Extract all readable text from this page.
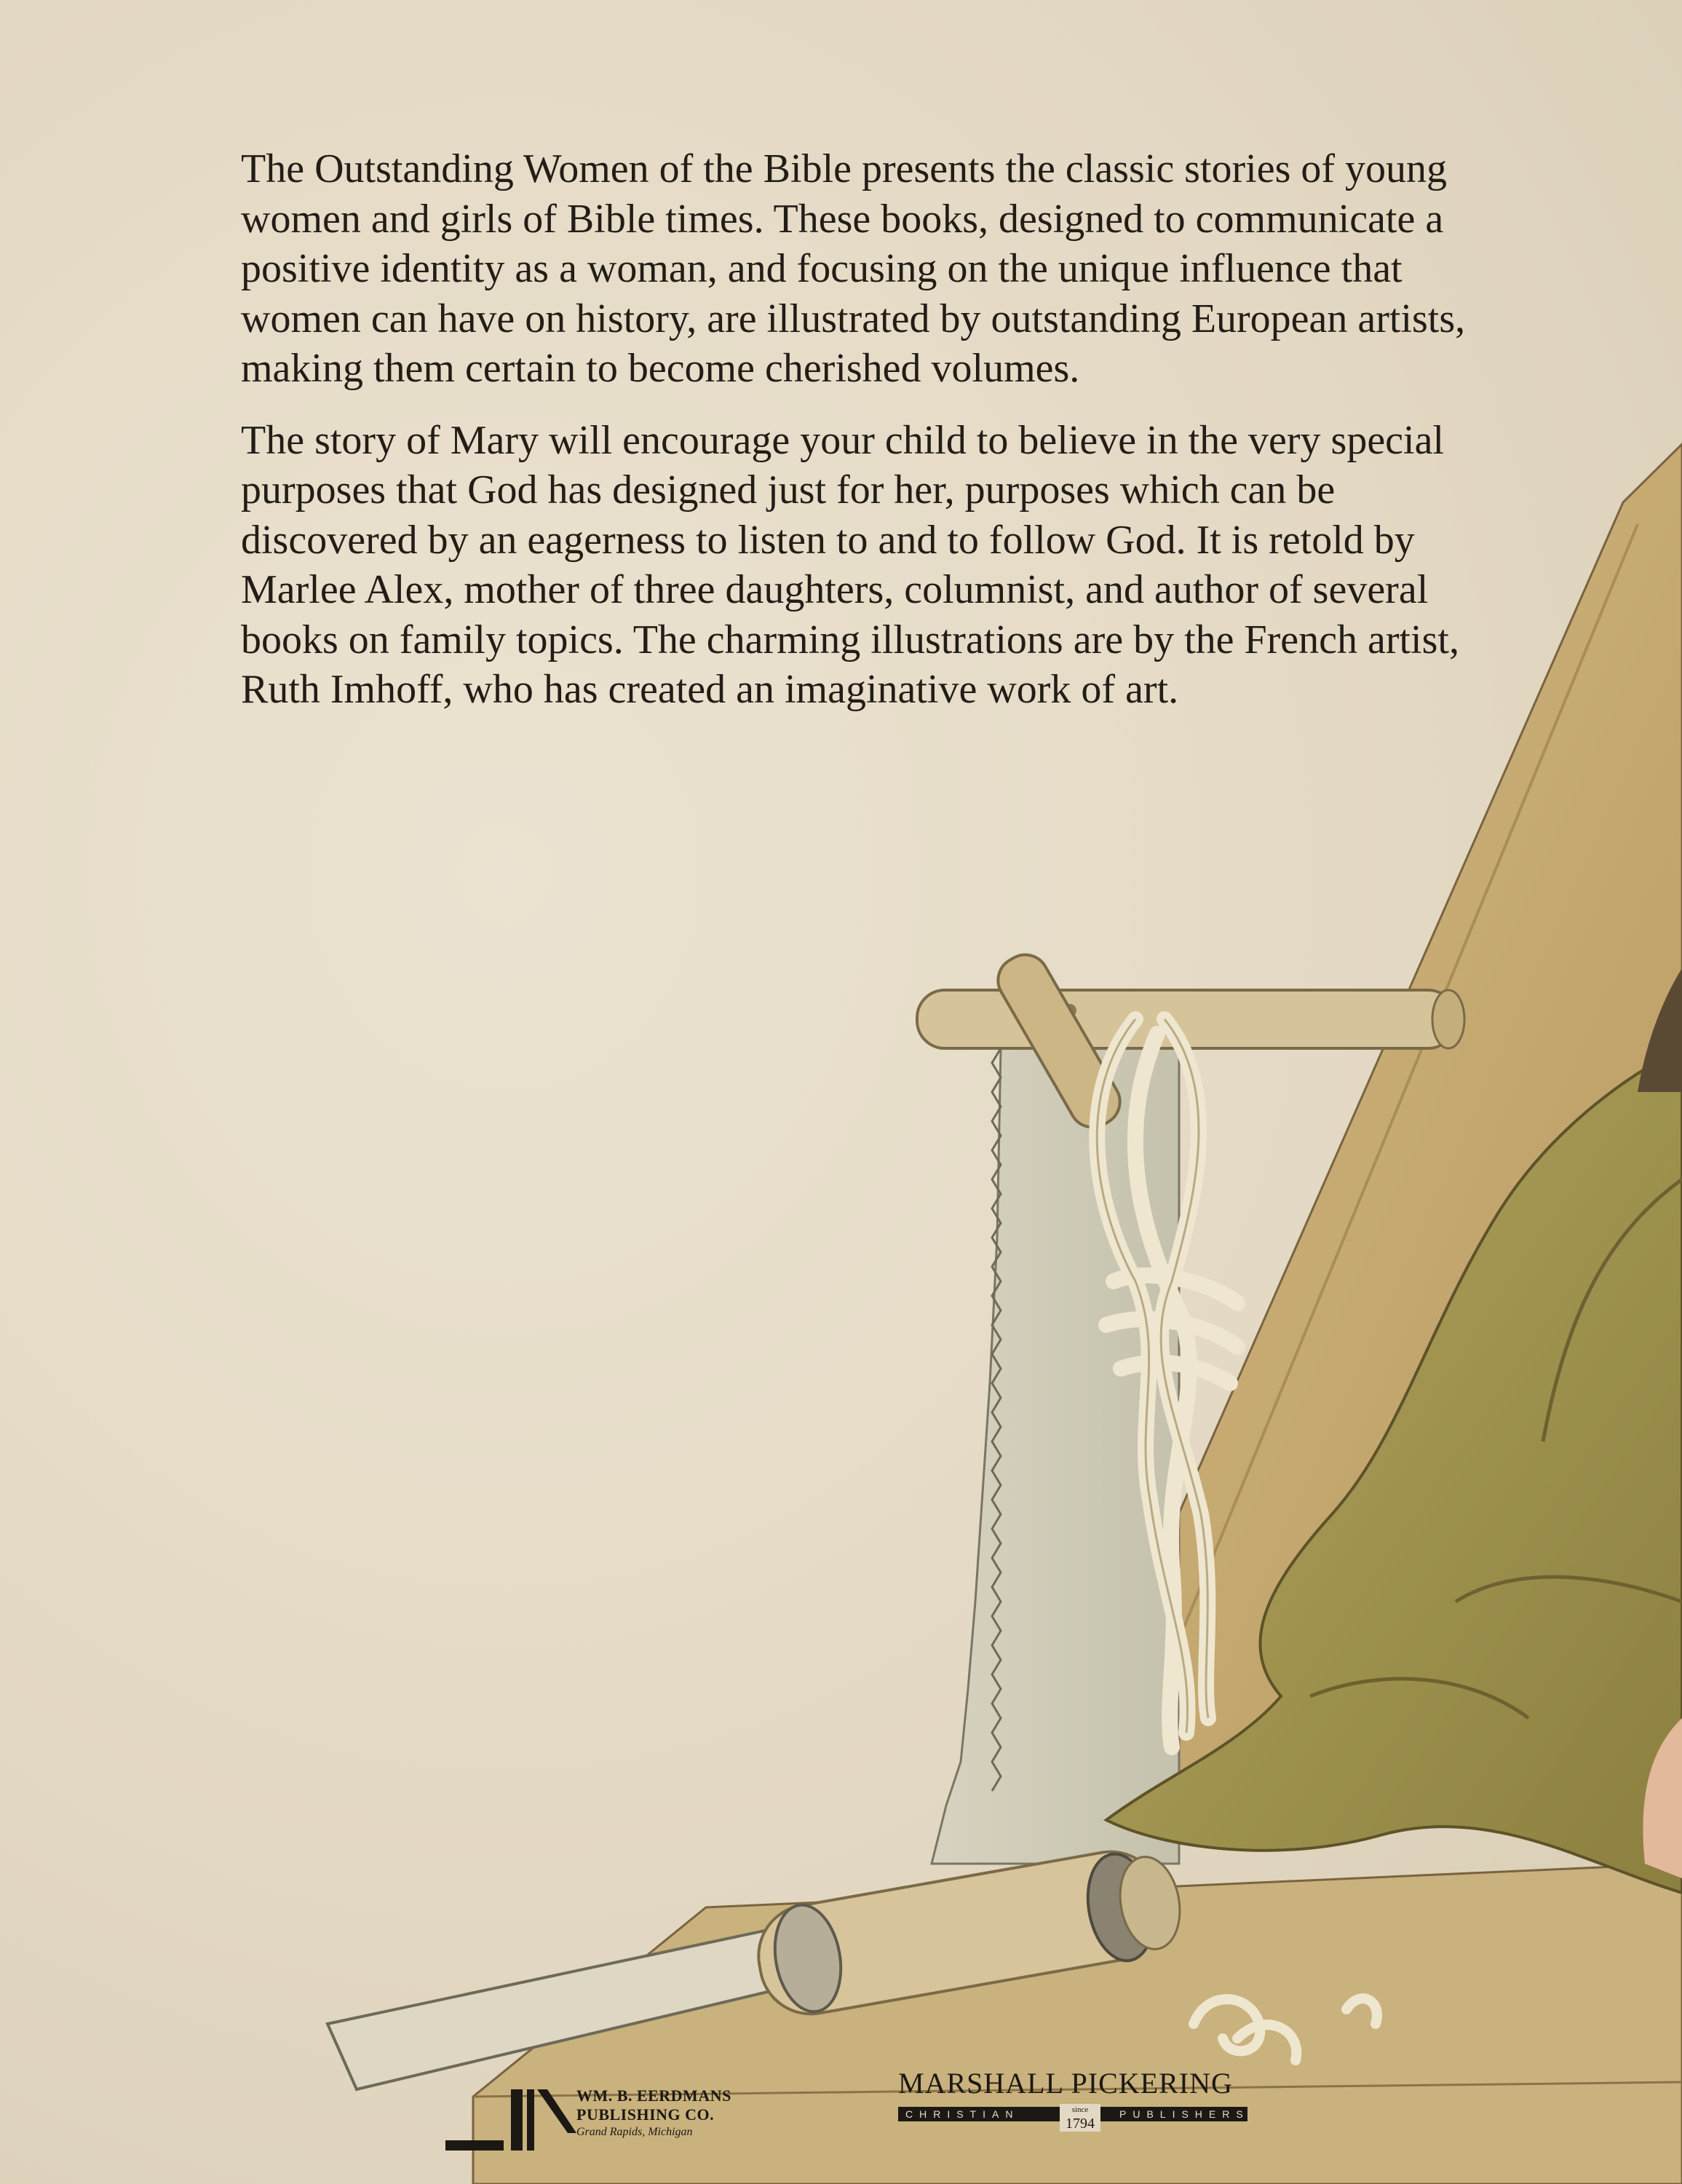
The Outstanding Women of the Bible presents the classic stories of young women and girls of Bible times. These books, designed to communicate a positive identity as a woman, and focusing on the unique influence that women can have on history, are illustrated by outstanding European artists, making them certain to become cherished volumes.

The story of Mary will encourage your child to believe in the very special purposes that God has designed just for her, purposes which can be discovered by an eagerness to listen to and to follow God. It is retold by Marlee Alex, mother of three daughters, columnist, and author of several books on family topics. The charming illustrations are by the French artist, Ruth Imhoff, who has created an imaginative work of art.

WM. B. EERDMANS
PUBLISHING CO.
Grand Rapids, Michigan
MARSHALL PICKERING
CHRISTIAN	PUBLISHERS
since
1794
